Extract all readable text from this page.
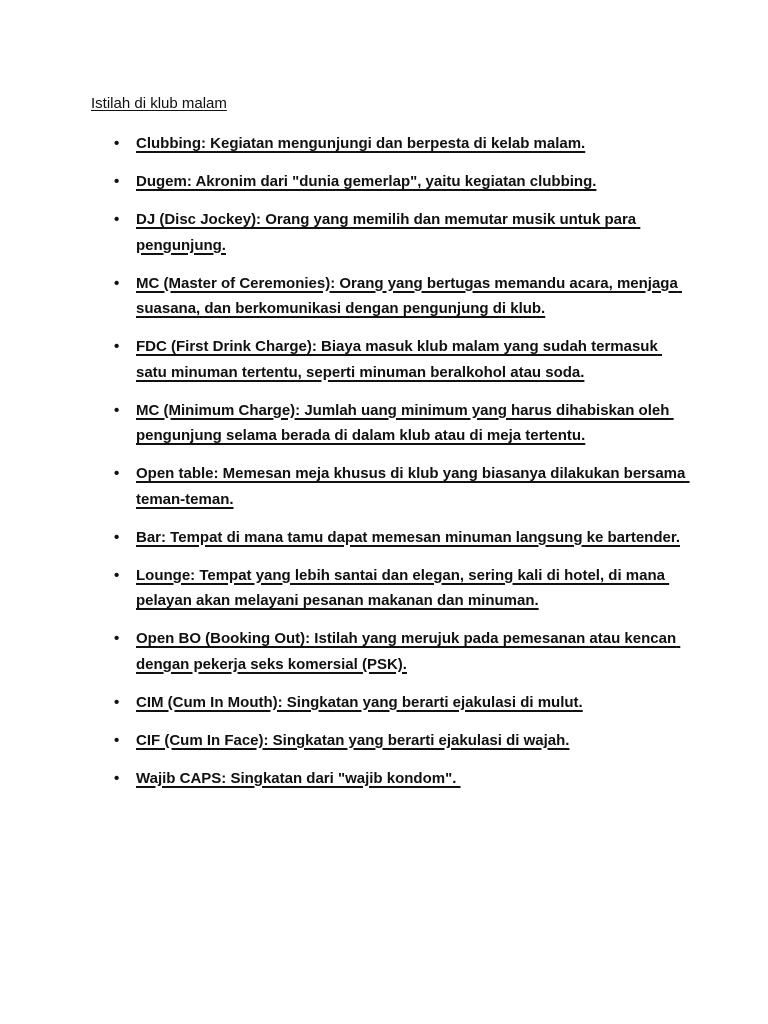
Istilah di klub malam
• Clubbing: Kegiatan mengunjungi dan berpesta di kelab malam.
• Dugem: Akronim dari "dunia gemerlap", yaitu kegiatan clubbing.
• DJ (Disc Jockey): Orang yang memilih dan memutar musik untuk para pengunjung.
• MC (Master of Ceremonies): Orang yang bertugas memandu acara, menjaga suasana, dan berkomunikasi dengan pengunjung di klub.
• FDC (First Drink Charge): Biaya masuk klub malam yang sudah termasuk satu minuman tertentu, seperti minuman beralkohol atau soda.
• MC (Minimum Charge): Jumlah uang minimum yang harus dihabiskan oleh pengunjung selama berada di dalam klub atau di meja tertentu.
• Open table: Memesan meja khusus di klub yang biasanya dilakukan bersama teman-teman.
• Bar: Tempat di mana tamu dapat memesan minuman langsung ke bartender.
• Lounge: Tempat yang lebih santai dan elegan, sering kali di hotel, di mana pelayan akan melayani pesanan makanan dan minuman.
• Open BO (Booking Out): Istilah yang merujuk pada pemesanan atau kencan dengan pekerja seks komersial (PSK).
• CIM (Cum In Mouth): Singkatan yang berarti ejakulasi di mulut.
• CIF (Cum In Face): Singkatan yang berarti ejakulasi di wajah.
• Wajib CAPS: Singkatan dari "wajib kondom".
